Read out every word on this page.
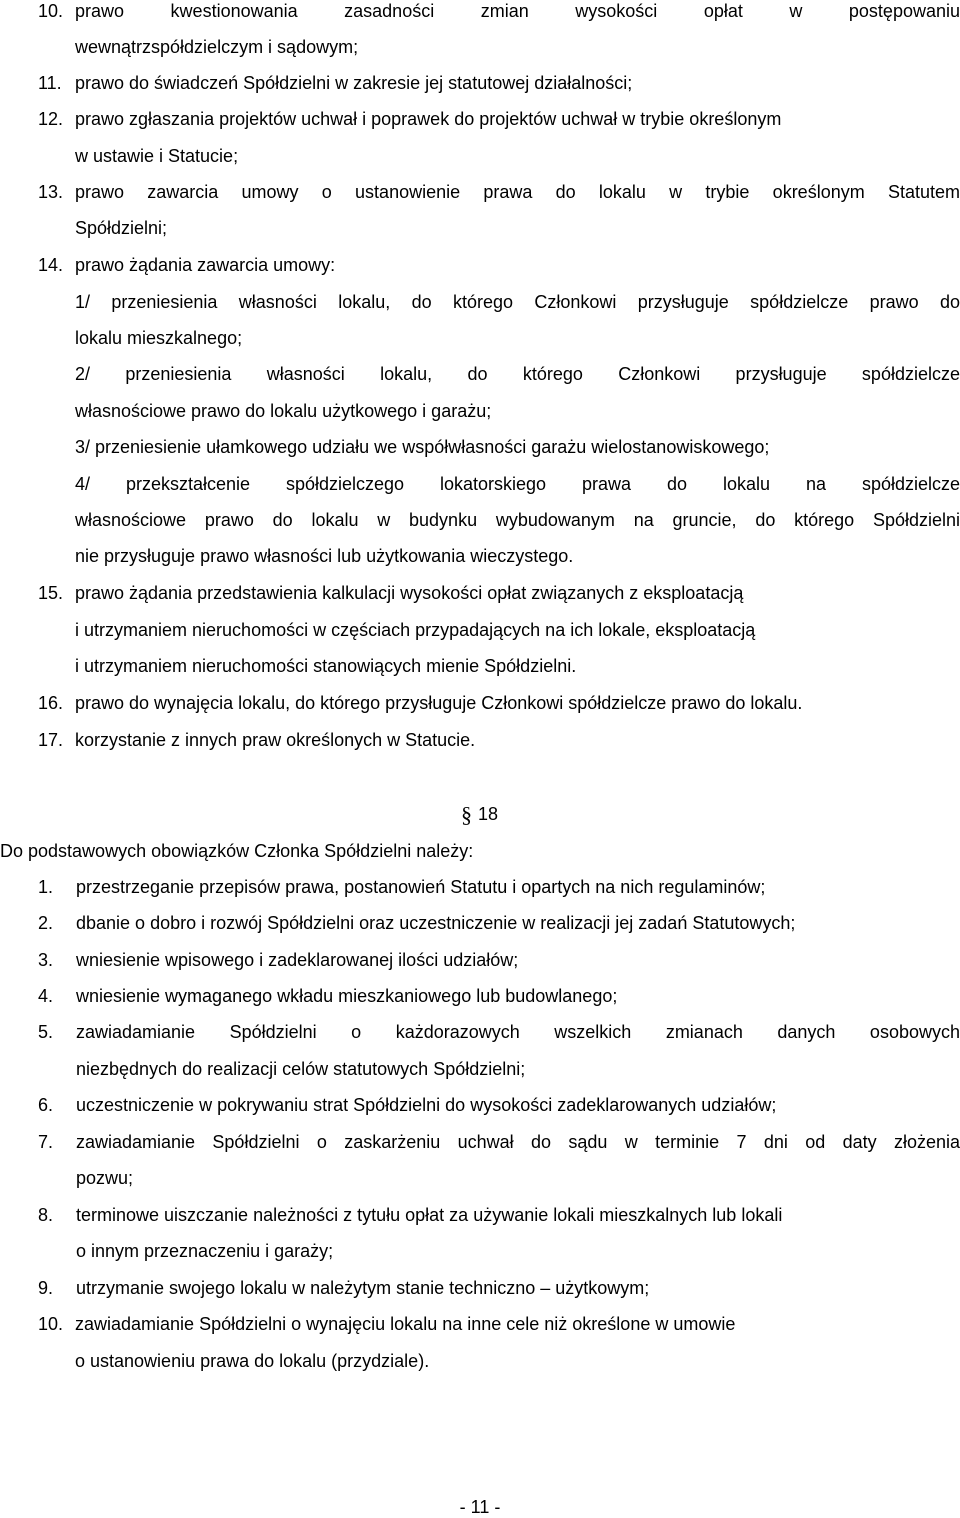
10. prawo kwestionowania zasadności zmian wysokości opłat w postępowaniu
wewnątrzspółdzielczym i sądowym;
11. prawo do świadczeń Spółdzielni w zakresie jej statutowej działalności;
12. prawo zgłaszania projektów uchwał i poprawek do projektów uchwał w trybie określonym
w ustawie i Statucie;
13. prawo zawarcia umowy o ustanowienie prawa do lokalu w trybie określonym Statutem
Spółdzielni;
14. prawo żądania zawarcia umowy:
1/ przeniesienia własności lokalu, do którego Członkowi przysługuje spółdzielcze prawo do
lokalu mieszkalnego;
2/ przeniesienia własności lokalu, do którego Członkowi przysługuje spółdzielcze
własnościowe prawo do lokalu użytkowego i garażu;
3/ przeniesienie ułamkowego udziału we współwłasności garażu wielostanowiskowego;
4/ przekształcenie spółdzielczego lokatorskiego prawa do lokalu na spółdzielcze
własnościowe prawo do lokalu w budynku wybudowanym na gruncie, do którego Spółdzielni
nie przysługuje prawo własności lub użytkowania wieczystego.
15. prawo żądania przedstawienia kalkulacji wysokości opłat związanych z eksploatacją
i utrzymaniem nieruchomości w częściach przypadających na ich lokale, eksploatacją
i utrzymaniem nieruchomości stanowiących mienie Spółdzielni.
16. prawo do wynajęcia lokalu, do którego przysługuje Członkowi spółdzielcze prawo do lokalu.
17. korzystanie z innych praw określonych w Statucie.
§ 18
Do podstawowych obowiązków Członka Spółdzielni należy:
1. przestrzeganie przepisów prawa, postanowień Statutu i opartych na nich regulaminów;
2. dbanie o dobro i rozwój Spółdzielni oraz uczestniczenie w realizacji jej zadań Statutowych;
3. wniesienie wpisowego i zadeklarowanej ilości udziałów;
4. wniesienie wymaganego wkładu mieszkaniowego lub budowlanego;
5. zawiadamianie Spółdzielni o każdorazowych wszelkich zmianach danych osobowych
niezbędnych do realizacji celów statutowych Spółdzielni;
6. uczestniczenie w pokrywaniu strat Spółdzielni do wysokości zadeklarowanych udziałów;
7. zawiadamianie Spółdzielni o zaskarżeniu uchwał do sądu w terminie 7 dni od daty złożenia
pozwu;
8. terminowe uiszczanie należności z tytułu opłat za używanie lokali mieszkalnych lub lokali
o innym przeznaczeniu i garaży;
9. utrzymanie swojego lokalu w należytym stanie techniczno – użytkowym;
10. zawiadamianie Spółdzielni o wynajęciu lokalu na inne cele niż określone w umowie
o ustanowieniu prawa do lokalu (przydziale).
- 11 -
